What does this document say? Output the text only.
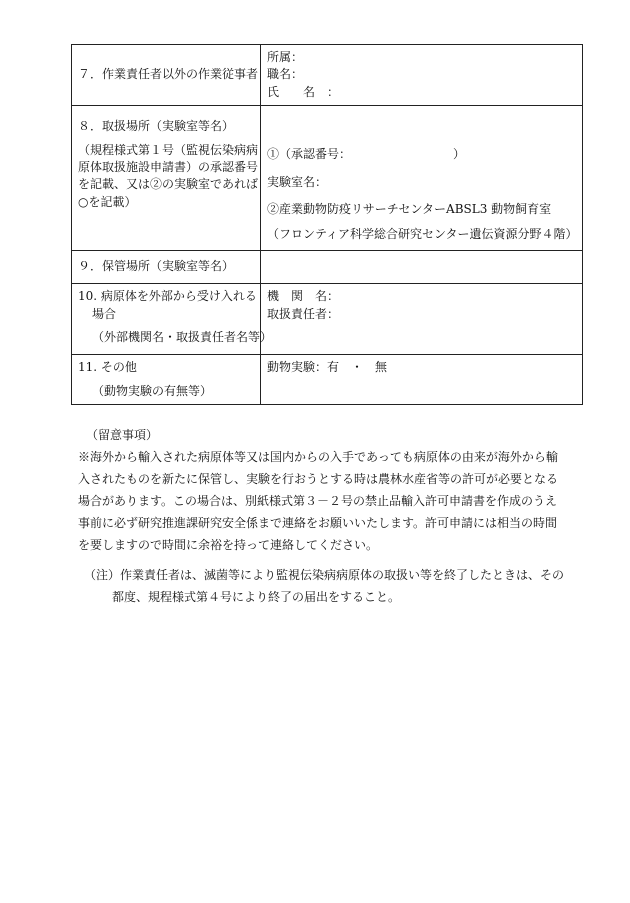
７．作業責任者以外の作業従事者	所属：
職名：
氏　　名　：

８．取扱場所（実験室等名）
（規程様式第１号（監視伝染病病
原体取扱施設申請書）の承認番号
を記載、又は②の実験室であれば
○を記載）	①（承認番号：　　　　　　　　　）
実験室名：
②産業動物防疫リサーチセンターABSL3 動物飼育室
（フロンティア科学総合研究センター遺伝資源分野４階）

９．保管場所（実験室等名）	

10. 病原体を外部から受け入れる
場合
（外部機関名・取扱責任者名等）	機　関　名：
取扱責任者：

11. その他
（動物実験の有無等）	動物実験：有　・　無
（留意事項）
※海外から輸入された病原体等又は国内からの入手であっても病原体の由来が海外から輸
入されたものを新たに保管し、実験を行おうとする時は農林水産省等の許可が必要となる
場合があります。この場合は、別紙様式第３－２号の禁止品輸入許可申請書を作成のうえ
事前に必ず研究推進課研究安全係まで連絡をお願いいたします。許可申請には相当の時間
を要しますので時間に余裕を持って連絡してください。
（注）作業責任者は、滅菌等により監視伝染病病原体の取扱い等を終了したときは、その
都度、規程様式第４号により終了の届出をすること。
